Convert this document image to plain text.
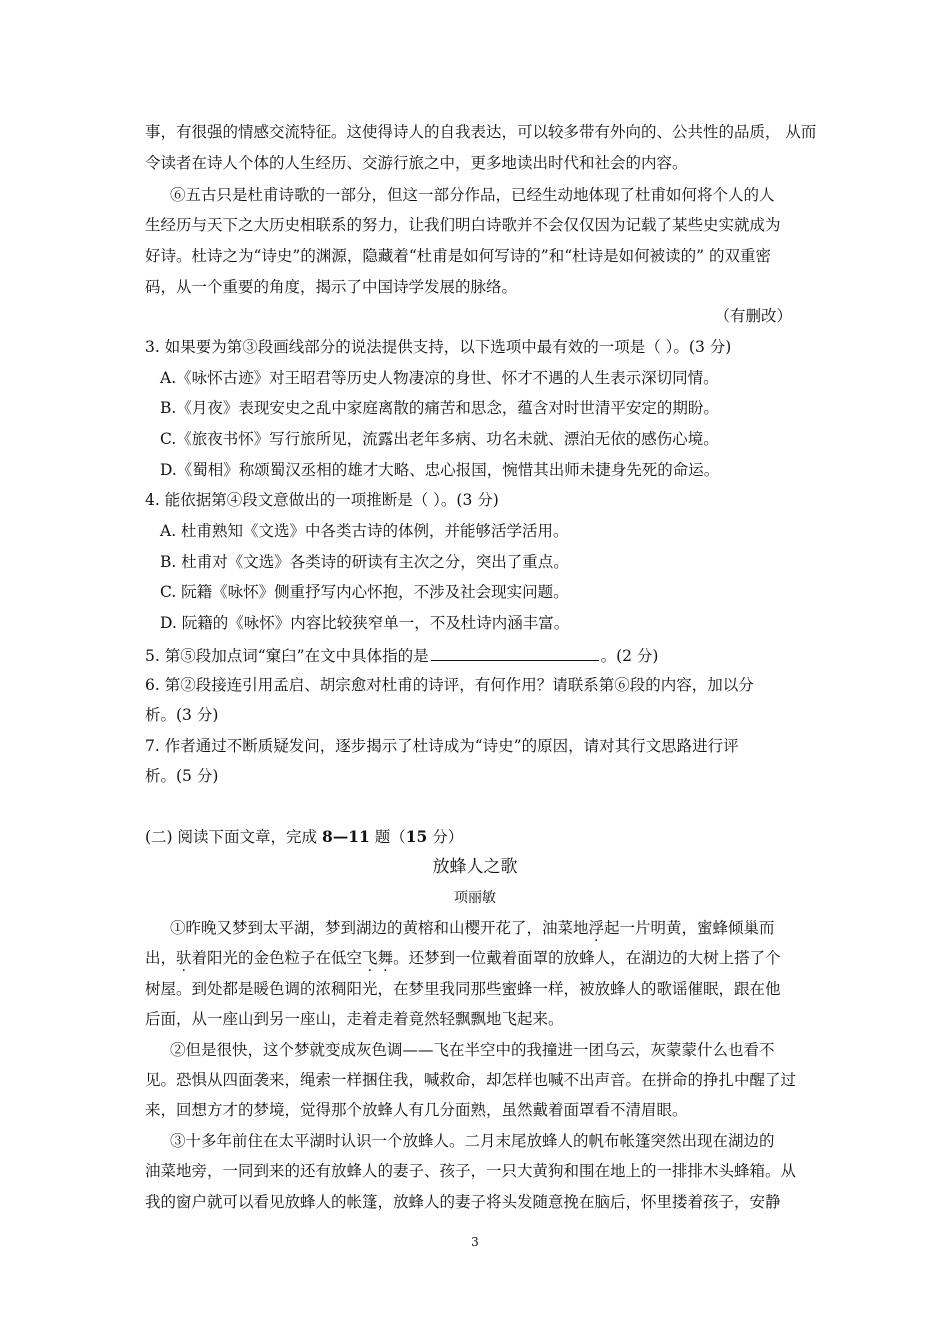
事，有很强的情感交流特征。这使得诗人的自我表达，可以较多带有外向的、公共性的品质， 从而
令读者在诗人个体的人生经历、交游行旅之中，更多地读出时代和社会的内容。
⑥五古只是杜甫诗歌的一部分，但这一部分作品，已经生动地体现了杜甫如何将个人的人
生经历与天下之大历史相联系的努力，让我们明白诗歌并不会仅仅因为记载了某些史实就成为
好诗。杜诗之为“诗史”的渊源，隐藏着“杜甫是如何写诗的”和“杜诗是如何被读的” 的双重密
码，从一个重要的角度，揭示了中国诗学发展的脉络。
（有删改）
3. 如果要为第③段画线部分的说法提供支持，以下选项中最有效的一项是（ ）。(3 分)
A.《咏怀古迹》对王昭君等历史人物凄凉的身世、怀才不遇的人生表示深切同情。
B.《月夜》表现安史之乱中家庭离散的痛苦和思念，蕴含对时世清平安定的期盼。
C.《旅夜书怀》写行旅所见，流露出老年多病、功名未就、漂泊无依的感伤心境。
D.《蜀相》称颂蜀汉丞相的雄才大略、忠心报国，惋惜其出师未捷身先死的命运。
4. 能依据第④段文意做出的一项推断是（ ）。(3 分)
A. 杜甫熟知《文选》中各类古诗的体例，并能够活学活用。
B. 杜甫对《文选》各类诗的研读有主次之分，突出了重点。
C. 阮籍《咏怀》侧重抒写内心怀抱，不涉及社会现实问题。
D. 阮籍的《咏怀》内容比较狭窄单一，不及杜诗内涵丰富。
5. 第⑤段加点词“窠臼”在文中具体指的是	。(2 分)
6. 第②段接连引用孟启、胡宗愈对杜甫的诗评，有何作用？请联系第⑥段的内容，加以分
析。(3 分)
7. 作者通过不断质疑发问，逐步揭示了杜诗成为“诗史”的原因，请对其行文思路进行评
析。(5 分)
(二) 阅读下面文章，完成 8—11 题（15 分）
放蜂人之歌
项丽敏
①昨晚又梦到太平湖，梦到湖边的黄榕和山樱开花了，油菜地浮起一片明黄，蜜蜂倾巢而
出，驮着阳光的金色粒子在低空飞舞。还梦到一位戴着面罩的放蜂人，在湖边的大树上搭了个
树屋。到处都是暖色调的浓稠阳光，在梦里我同那些蜜蜂一样，被放蜂人的歌谣催眠，跟在他
后面，从一座山到另一座山，走着走着竟然轻飘飘地飞起来。
②但是很快，这个梦就变成灰色调——飞在半空中的我撞进一团乌云，灰蒙蒙什么也看不
见。恐惧从四面袭来，绳索一样捆住我，喊救命，却怎样也喊不出声音。在拼命的挣扎中醒了过
来，回想方才的梦境，觉得那个放蜂人有几分面熟，虽然戴着面罩看不清眉眼。
③十多年前住在太平湖时认识一个放蜂人。二月末尾放蜂人的帆布帐篷突然出现在湖边的
油菜地旁，一同到来的还有放蜂人的妻子、孩子，一只大黄狗和围在地上的一排排木头蜂箱。从
我的窗户就可以看见放蜂人的帐篷，放蜂人的妻子将头发随意挽在脑后，怀里搂着孩子，安静
3
